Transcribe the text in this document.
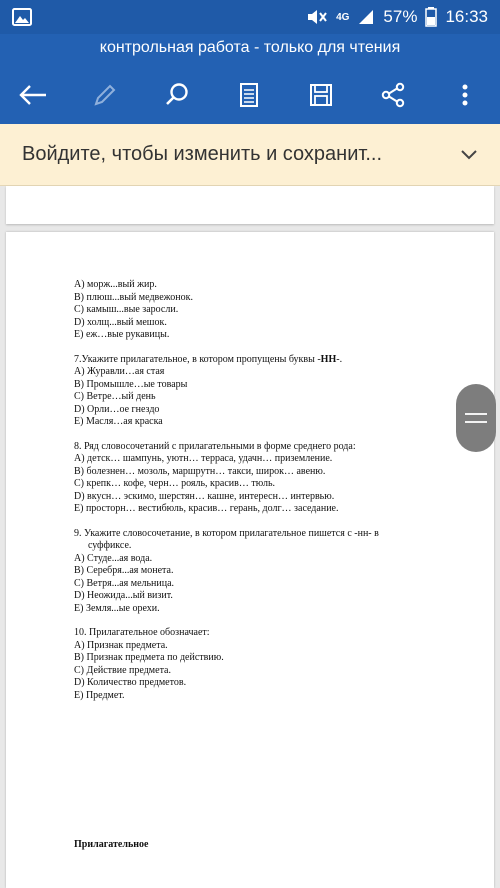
4G 57% 16:33
контрольная работа - только для чтения
Войдите, чтобы изменить и сохранит...
А) морж...вый жир.
В) плюш...вый медвежонок.
С) камыш...вые заросли.
D) холщ...вый мешок.
Е) еж…вые рукавицы.
7.Укажите прилагательное, в котором пропущены буквы -НН-.
А) Журавли…ая стая
В) Промышле…ые товары
С) Ветре…ый день
D) Орли…ое гнездо
Е) Масля…ая краска
8. Ряд словосочетаний с прилагательными в форме среднего рода:
А) детск… шампунь, уютн… терраса, удачн… приземление.
В) болезнен… мозоль, маршрутн… такси, широк… авеню.
С) крепк… кофе, черн… рояль, красив… тюль.
D) вкусн… эскимо, шерстян… кашне, интересн… интервью.
Е) просторн… вестибюль, красив… герань, долг… заседание.
9. Укажите словосочетание, в котором прилагательное пишется с -нн- в
суффиксе.
А) Студе...ая вода.
В) Серебря...ая монета.
С) Ветря...ая мельница.
D) Неожида...ый визит.
Е) Земля...ые орехи.
10. Прилагательное обозначает:
А) Признак предмета.
В) Признак предмета по действию.
С) Действие предмета.
D) Количество предметов.
Е) Предмет.
Прилагательное
